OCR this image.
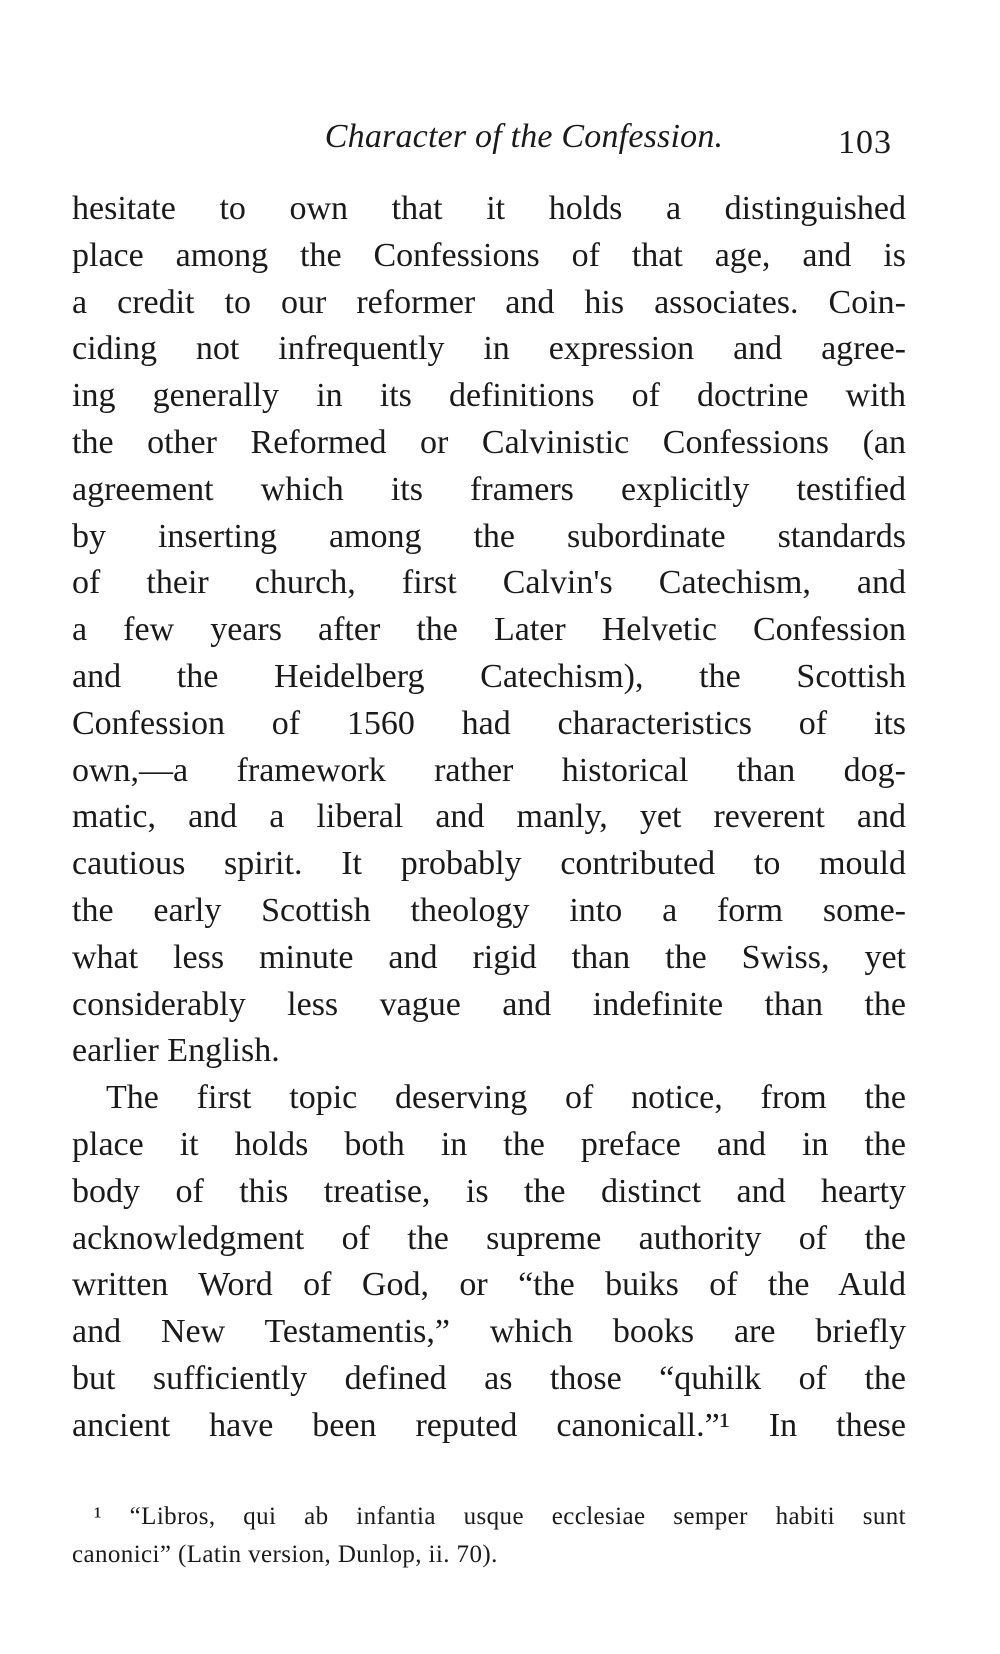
Character of the Confession.	103
hesitate to own that it holds a distinguished
place among the Confessions of that age, and is
a credit to our reformer and his associates. Coin-
ciding not infrequently in expression and agree-
ing generally in its definitions of doctrine with
the other Reformed or Calvinistic Confessions (an
agreement which its framers explicitly testified
by inserting among the subordinate standards
of their church, first Calvin's Catechism, and
a few years after the Later Helvetic Confession
and the Heidelberg Catechism), the Scottish
Confession of 1560 had characteristics of its
own,—a framework rather historical than dog-
matic, and a liberal and manly, yet reverent and
cautious spirit. It probably contributed to mould
the early Scottish theology into a form some-
what less minute and rigid than the Swiss, yet
considerably less vague and indefinite than the
earlier English.
The first topic deserving of notice, from the
place it holds both in the preface and in the
body of this treatise, is the distinct and hearty
acknowledgment of the supreme authority of the
written Word of God, or “the buiks of the Auld
and New Testamentis,” which books are briefly
but sufficiently defined as those “quhilk of the
ancient have been reputed canonicall.”¹ In these
¹ “Libros, qui ab infantia usque ecclesiae semper habiti sunt
canonici” (Latin version, Dunlop, ii. 70).
